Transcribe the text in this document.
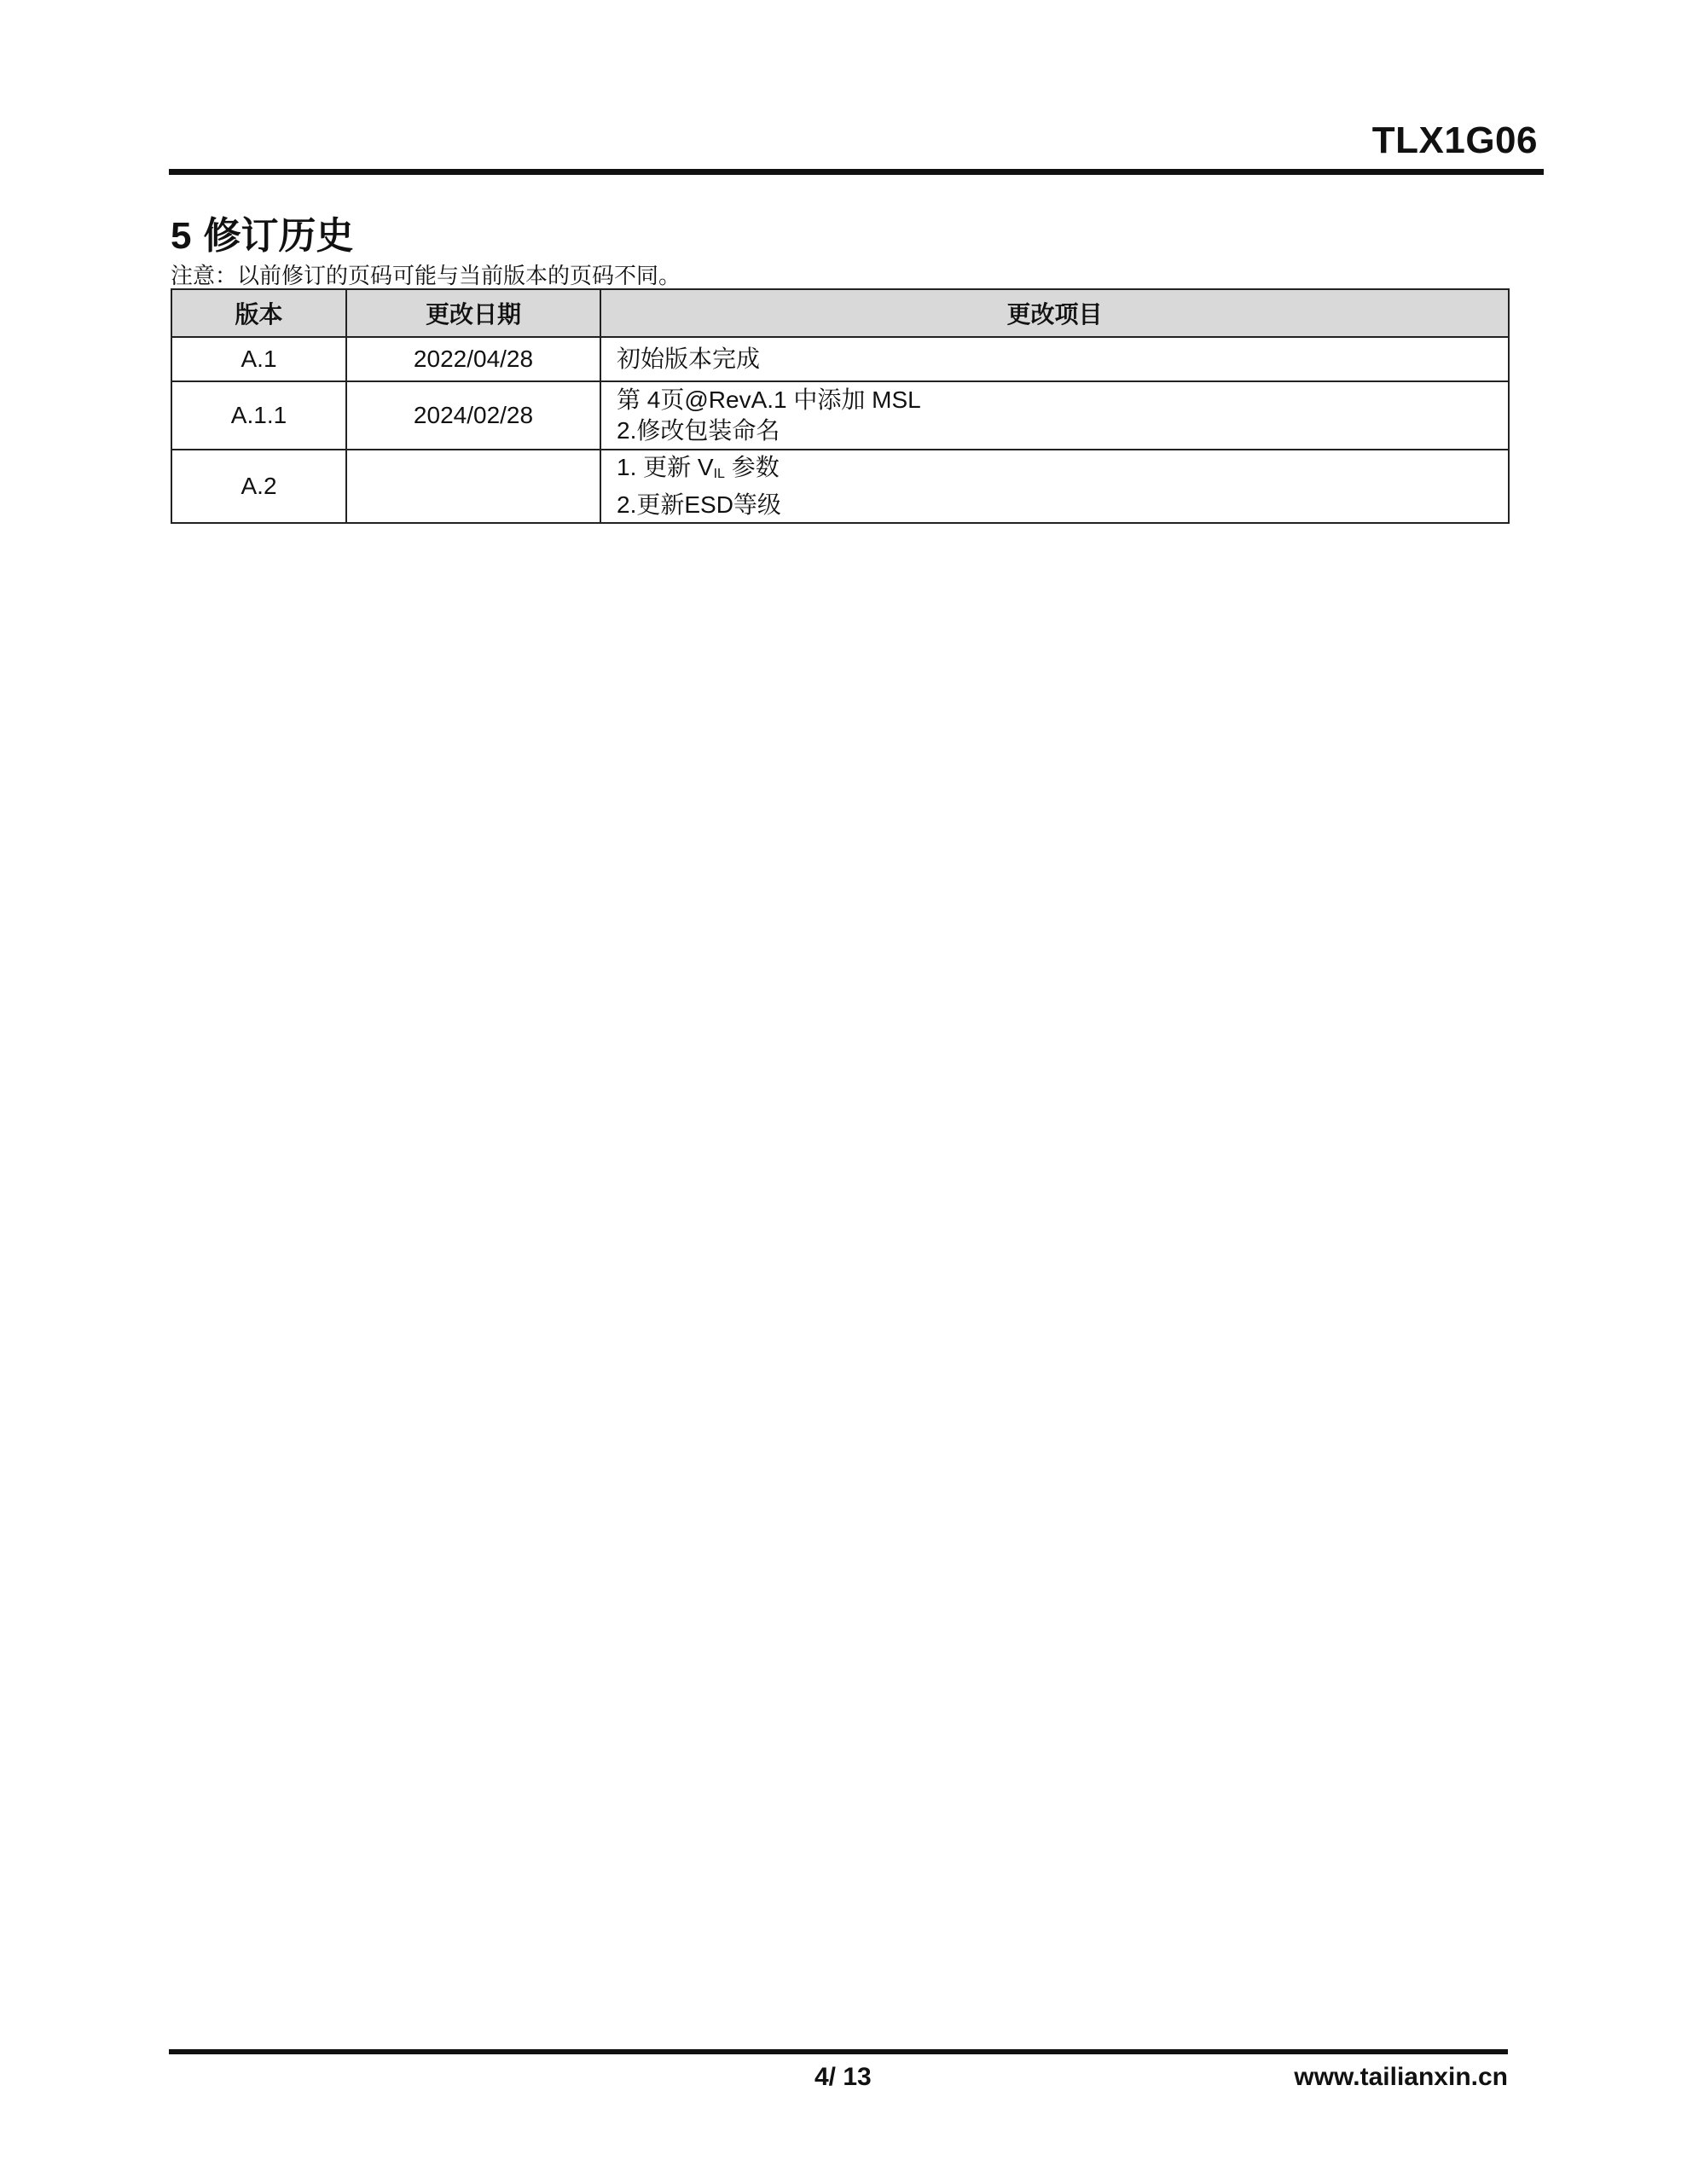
TLX1G06
5 修订历史
注意：以前修订的页码可能与当前版本的页码不同。
版本	更改日期	更改项目
A.1	2022/04/28	初始版本完成

A.1.1	2024/02/28	第 4页@RevA.1 中添加 MSL
2.修改包装命名

A.2		1. 更新 VIL 参数
2.更新ESD等级
4/ 13	www.tailianxin.cn
